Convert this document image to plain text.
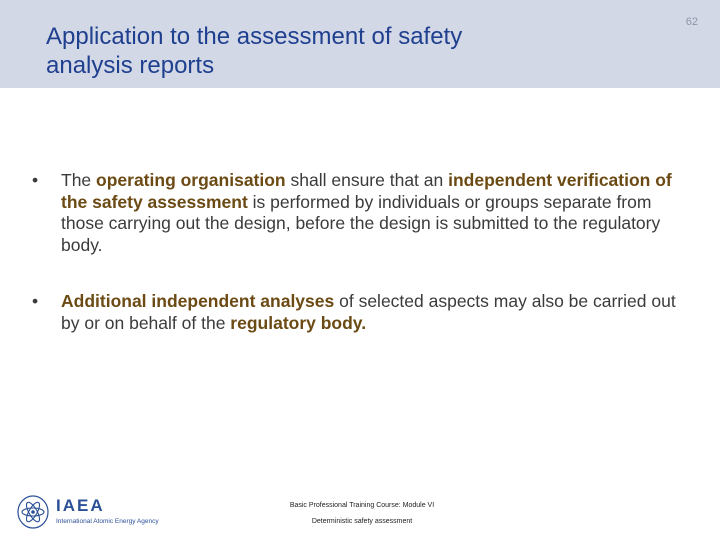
62
Application to the assessment of safety
analysis reports
•	The operating organisation shall ensure that an independent verification of the safety assessment is performed by individuals or groups separate from those carrying out the design, before the design is submitted to the regulatory body.
•	Additional independent analyses of selected aspects may also be carried out by or on behalf of the regulatory body.
IAEA
International Atomic Energy Agency
Basic Professional Training Course: Module VI
Deterministic safety assessment
